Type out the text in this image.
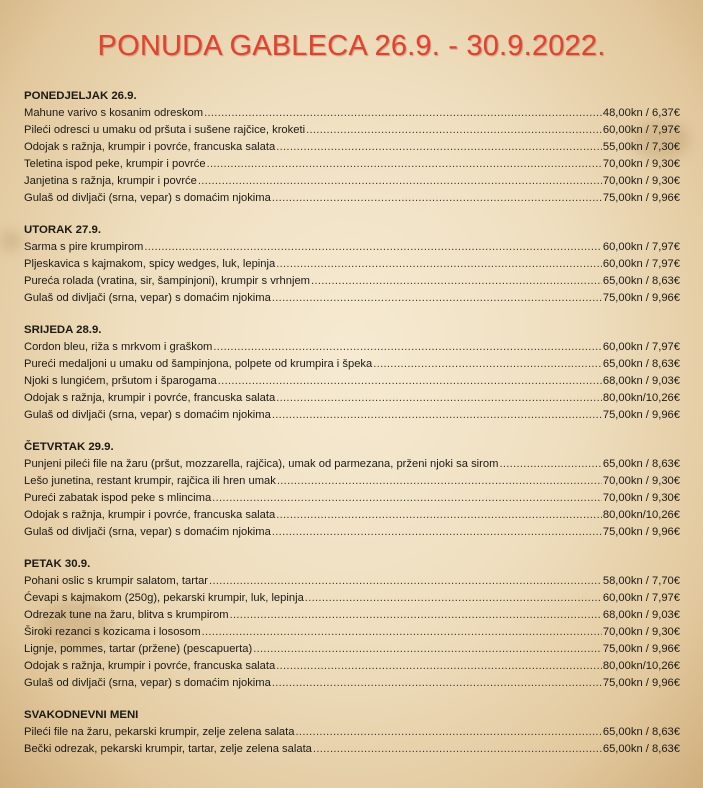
PONUDA GABLECA 26.9. - 30.9.2022.
PONEDJELJAK 26.9.
Mahune varivo s kosanim odreskom .....	48,00kn / 6,37€
Pileći odresci u umaku od pršuta i sušene rajčice, kroketi .....	60,00kn / 7,97€
Odojak s ražnja, krumpir i povrće, francuska salata .....	55,00kn / 7,30€
Teletina ispod peke, krumpir i povrće .....	70,00kn / 9,30€
Janjetina s ražnja, krumpir i povrće .....	70,00kn / 9,30€
Gulaš od divljači (srna, vepar) s domaćim njokima .....	75,00kn / 9,96€
UTORAK 27.9.
Sarma s pire krumpirom .....	60,00kn / 7,97€
Pljeskavica s kajmakom, spicy wedges, luk, lepinja .....	60,00kn / 7,97€
Pureća rolada (vratina, sir, šampinjoni), krumpir s vrhnjem .....	65,00kn / 8,63€
Gulaš od divljači (srna, vepar) s domaćim njokima .....	75,00kn / 9,96€
SRIJEDA 28.9.
Cordon bleu, riža s mrkvom i graškom .....	60,00kn / 7,97€
Pureći medaljoni u umaku od šampinjona, polpete od krumpira i špeka .....	65,00kn / 8,63€
Njoki s lungićem, pršutom i šparogama .....	68,00kn / 9,03€
Odojak s ražnja, krumpir i povrće, francuska salata .....	80,00kn/10,26€
Gulaš od divljači (srna, vepar) s domaćim njokima .....	75,00kn / 9,96€
ČETVRTAK 29.9.
Punjeni pileći file na žaru (pršut, mozzarella, rajčica), umak od parmezana, prženi njoki sa sirom .....	65,00kn / 8,63€
Lešo junetina, restant krumpir, rajčica ili hren umak .....	70,00kn / 9,30€
Pureći zabatak ispod peke s mlincima .....	70,00kn / 9,30€
Odojak s ražnja, krumpir i povrće, francuska salata .....	80,00kn/10,26€
Gulaš od divljači (srna, vepar) s domaćim njokima .....	75,00kn / 9,96€
PETAK 30.9.
Pohani oslic s krumpir salatom, tartar .....	58,00kn / 7,70€
Ćevapi s kajmakom (250g), pekarski krumpir, luk, lepinja .....	60,00kn / 7,97€
Odrezak tune na žaru, blitva s krumpirom .....	68,00kn / 9,03€
Široki rezanci s kozicama i lososom .....	70,00kn / 9,30€
Lignje, pommes, tartar (pržene) (pescapuerta) .....	75,00kn / 9,96€
Odojak s ražnja, krumpir i povrće, francuska salata .....	80,00kn/10,26€
Gulaš od divljači (srna, vepar) s domaćim njokima .....	75,00kn / 9,96€
SVAKODNEVNI MENI
Pileći file na žaru, pekarski krumpir, zelje zelena salata .....	65,00kn / 8,63€
Bečki odrezak, pekarski krumpir, tartar, zelje zelena salata .....	65,00kn / 8,63€
